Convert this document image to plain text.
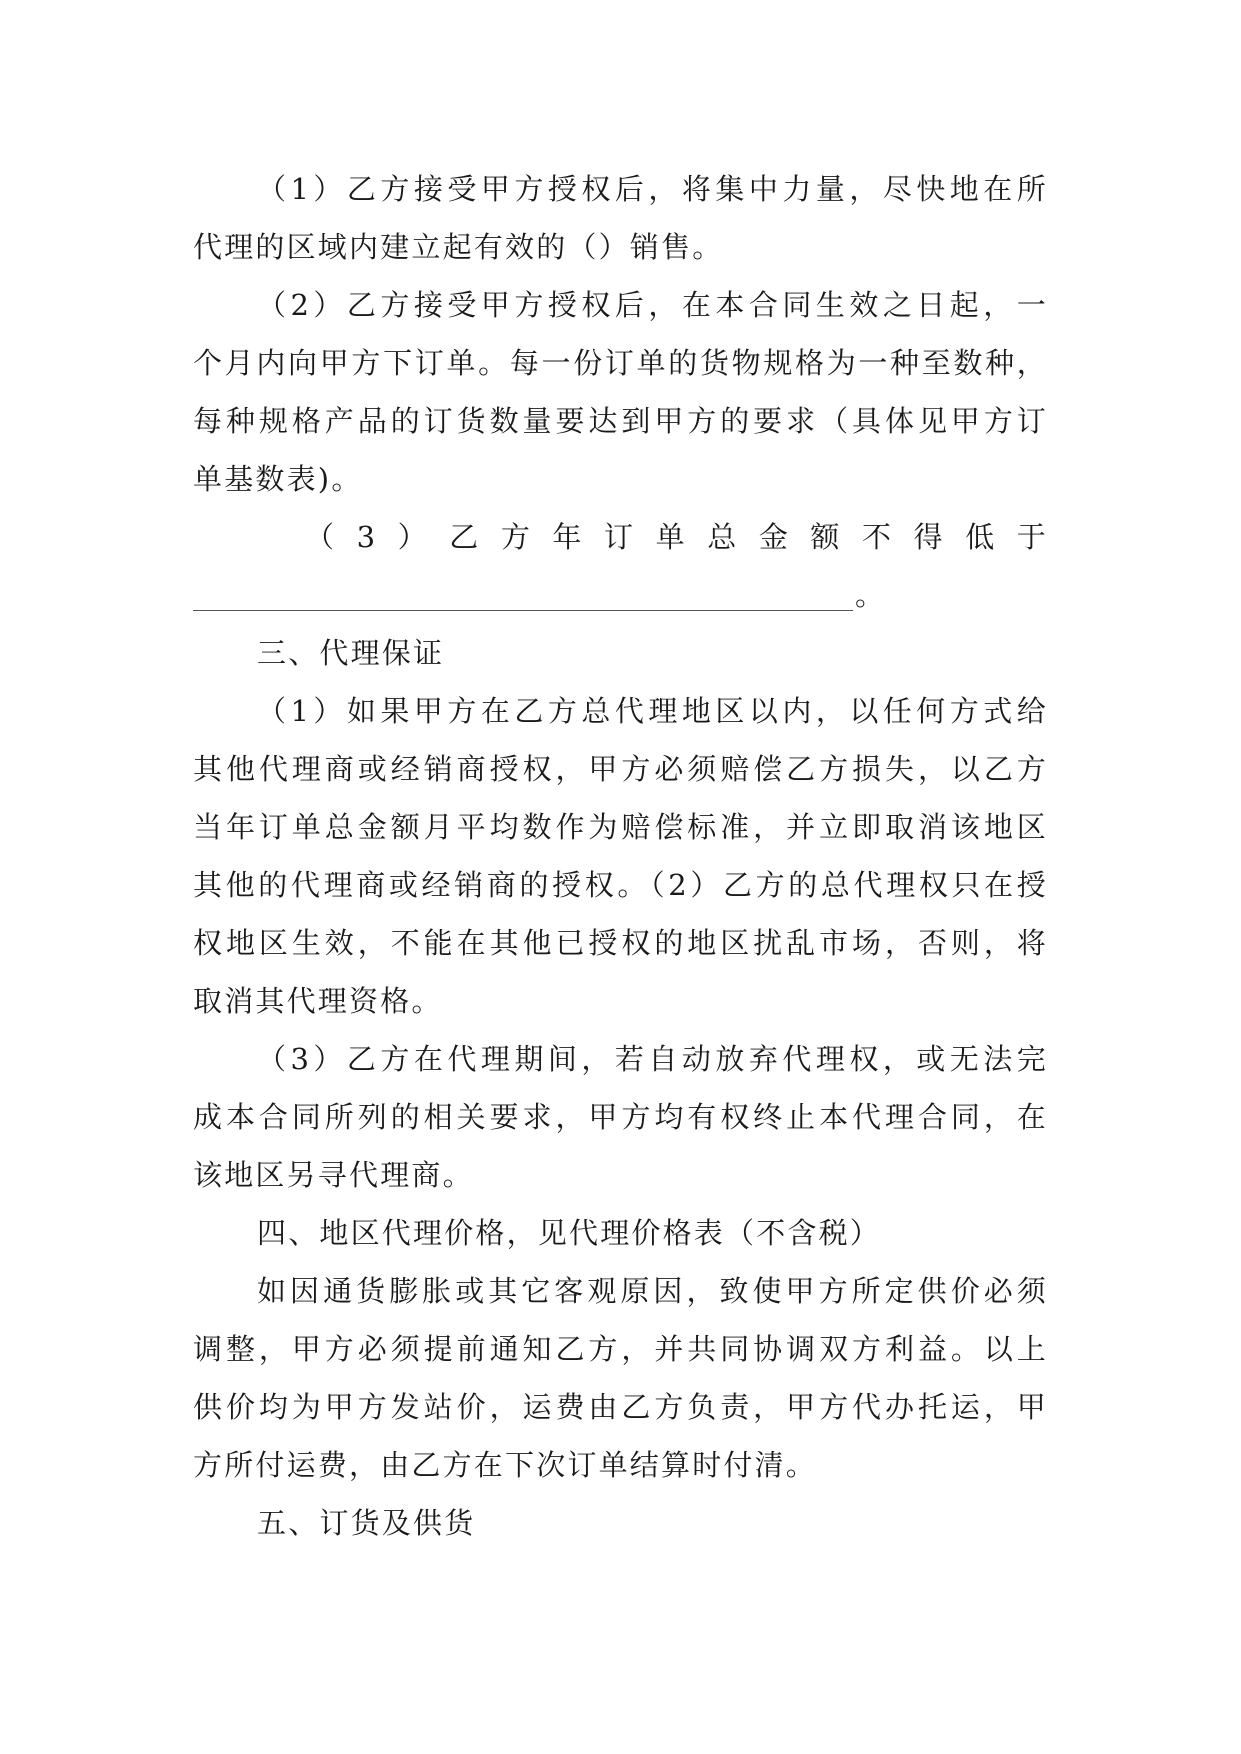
（1）乙方接受甲方授权后，将集中力量，尽快地在所
代理的区域内建立起有效的（）销售。
（2）乙方接受甲方授权后，在本合同生效之日起，一
个月内向甲方下订单。每一份订单的货物规格为一种至数种，
每种规格产品的订货数量要达到甲方的要求（具体见甲方订
单基数表)。
（3）乙方年订单总金额不得低于
。
三、代理保证
（1）如果甲方在乙方总代理地区以内，以任何方式给
其他代理商或经销商授权，甲方必须赔偿乙方损失，以乙方
当年订单总金额月平均数作为赔偿标准，并立即取消该地区
其他的代理商或经销商的授权。（2）乙方的总代理权只在授
权地区生效，不能在其他已授权的地区扰乱市场，否则，将
取消其代理资格。
（3）乙方在代理期间，若自动放弃代理权，或无法完
成本合同所列的相关要求，甲方均有权终止本代理合同，在
该地区另寻代理商。
四、地区代理价格，见代理价格表（不含税）
如因通货膨胀或其它客观原因，致使甲方所定供价必须
调整，甲方必须提前通知乙方，并共同协调双方利益。以上
供价均为甲方发站价，运费由乙方负责，甲方代办托运，甲
方所付运费，由乙方在下次订单结算时付清。
五、订货及供货
